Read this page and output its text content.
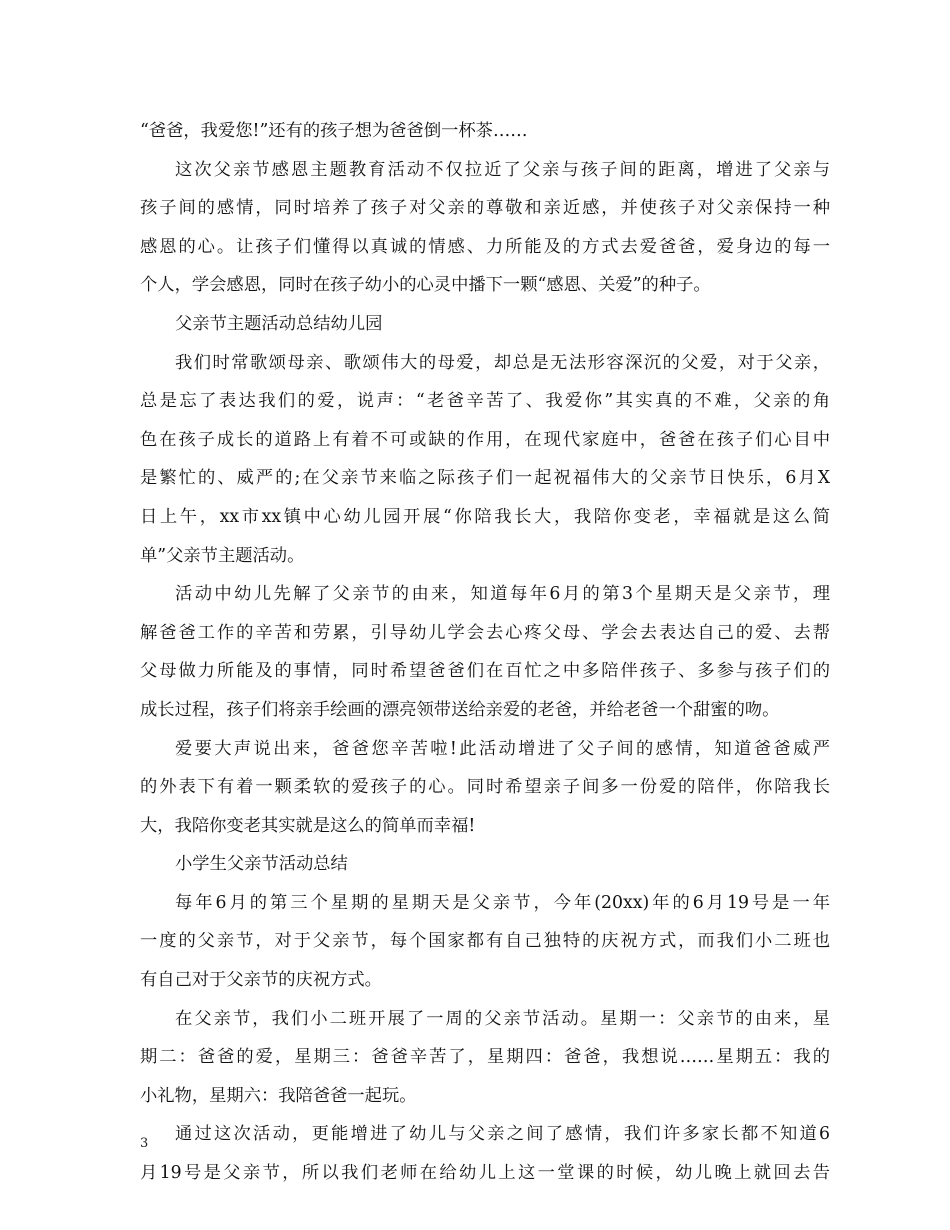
“爸爸，我爱您!”还有的孩子想为爸爸倒一杯茶……
这次父亲节感恩主题教育活动不仅拉近了父亲与孩子间的距离，增进了父亲与
孩子间的感情，同时培养了孩子对父亲的尊敬和亲近感，并使孩子对父亲保持一种
感恩的心。让孩子们懂得以真诚的情感、力所能及的方式去爱爸爸，爱身边的每一
个人，学会感恩，同时在孩子幼小的心灵中播下一颗“感恩、关爱”的种子。
父亲节主题活动总结幼儿园
我们时常歌颂母亲、歌颂伟大的母爱，却总是无法形容深沉的父爱，对于父亲，
总是忘了表达我们的爱，说声：“老爸辛苦了、我爱你”其实真的不难，父亲的角
色在孩子成长的道路上有着不可或缺的作用，在现代家庭中，爸爸在孩子们心目中
是繁忙的、威严的;在父亲节来临之际孩子们一起祝福伟大的父亲节日快乐，6月X
日上午，xx市xx镇中心幼儿园开展“你陪我长大，我陪你变老，幸福就是这么简
单”父亲节主题活动。
活动中幼儿先解了父亲节的由来，知道每年6月的第3个星期天是父亲节，理
解爸爸工作的辛苦和劳累，引导幼儿学会去心疼父母、学会去表达自己的爱、去帮
父母做力所能及的事情，同时希望爸爸们在百忙之中多陪伴孩子、多参与孩子们的
成长过程，孩子们将亲手绘画的漂亮领带送给亲爱的老爸，并给老爸一个甜蜜的吻。
爱要大声说出来，爸爸您辛苦啦!此活动增进了父子间的感情，知道爸爸威严
的外表下有着一颗柔软的爱孩子的心。同时希望亲子间多一份爱的陪伴，你陪我长
大，我陪你变老其实就是这么的简单而幸福!
小学生父亲节活动总结
每年6月的第三个星期的星期天是父亲节，今年(20xx)年的6月19号是一年
一度的父亲节，对于父亲节，每个国家都有自己独特的庆祝方式，而我们小二班也
有自己对于父亲节的庆祝方式。
在父亲节，我们小二班开展了一周的父亲节活动。星期一：父亲节的由来，星
期二：爸爸的爱，星期三：爸爸辛苦了，星期四：爸爸，我想说……星期五：我的
小礼物，星期六：我陪爸爸一起玩。
通过这次活动，更能增进了幼儿与父亲之间了感情，我们许多家长都不知道6
月19号是父亲节，所以我们老师在给幼儿上这一堂课的时候，幼儿晚上就回去告
3
